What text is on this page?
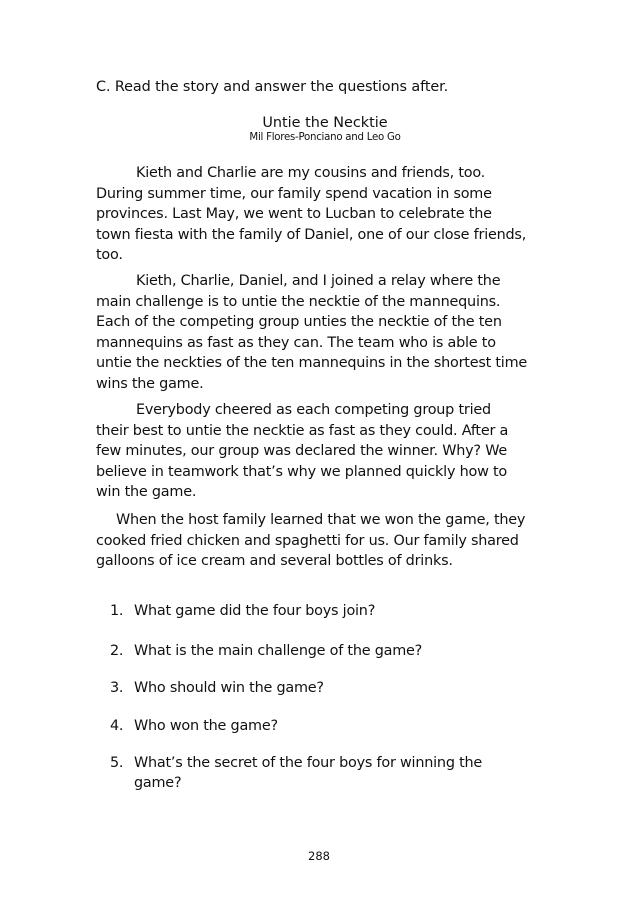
C. Read the story and answer the questions after.
Untie the Necktie
Mil Flores-Ponciano and Leo Go

Kieth and Charlie are my cousins and friends, too.
During summer time, our family spend vacation in some
provinces. Last May, we went to Lucban to celebrate the
town fiesta with the family of Daniel, one of our close friends,
too.

Kieth, Charlie, Daniel, and I joined a relay where the
main challenge is to untie the necktie of the mannequins.
Each of the competing group unties the necktie of the ten
mannequins as fast as they can. The team who is able to
untie the neckties of the ten mannequins in the shortest time
wins the game.

Everybody cheered as each competing group tried
their best to untie the necktie as fast as they could. After a
few minutes, our group was declared the winner. Why? We
believe in teamwork that’s why we planned quickly how to
win the game.

When the host family learned that we won the game, they
cooked fried chicken and spaghetti for us. Our family shared
galloons of ice cream and several bottles of drinks.

1. What game did the four boys join?
2. What is the main challenge of the game?
3. Who should win the game?
4. Who won the game?
5. What’s the secret of the four boys for winning the
game?
288
